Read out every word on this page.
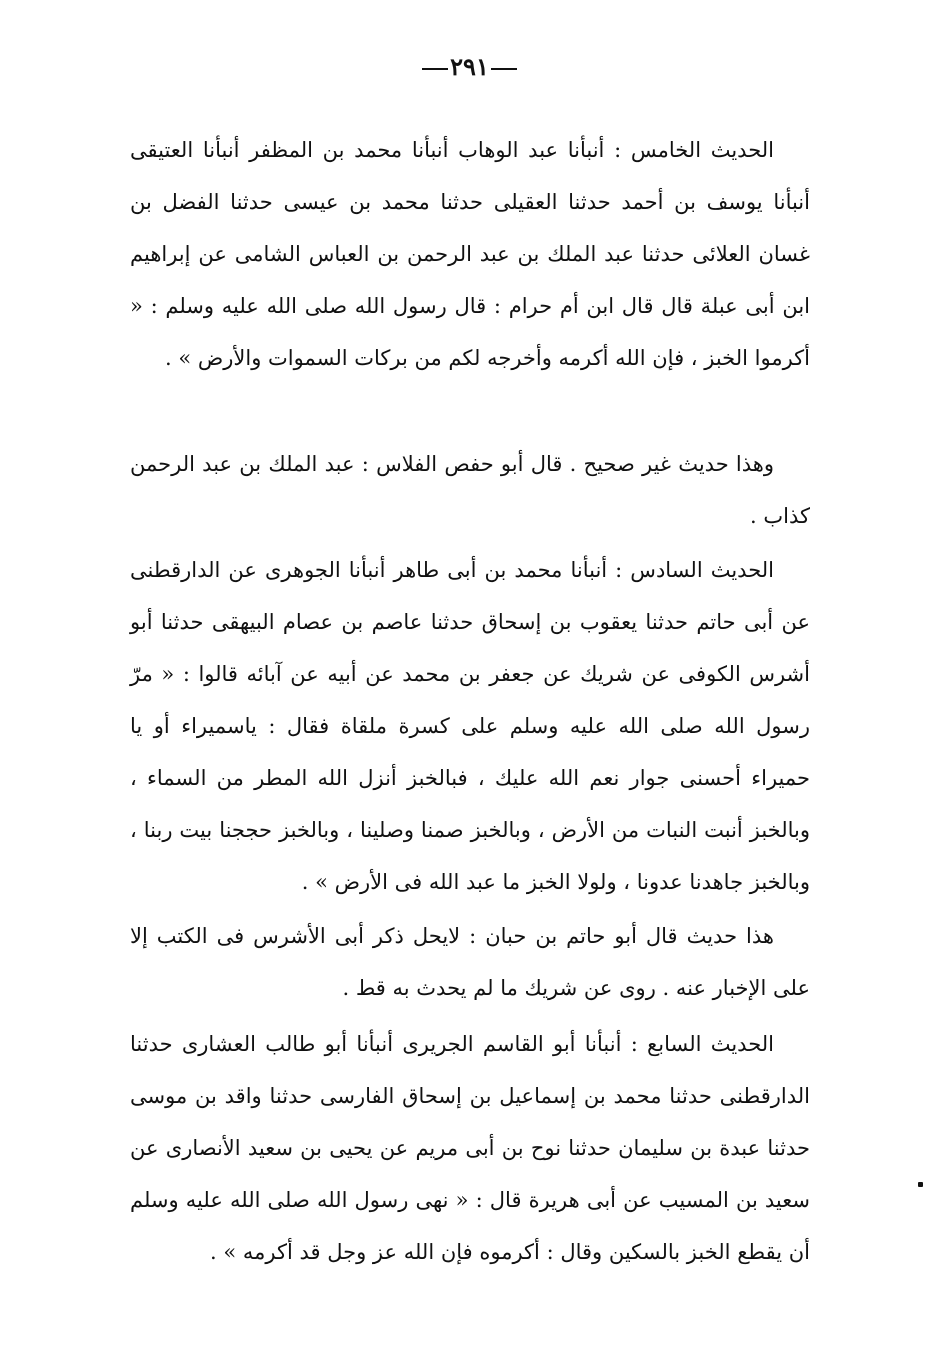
٢٩١

الحديث الخامس : أنبأنا عبد الوهاب أنبأنا محمد بن المظفر أنبأنا العتيقى أنبأنا يوسف بن أحمد حدثنا العقيلى حدثنا محمد بن عيسى حدثنا الفضل بن غسان العلائى حدثنا عبد الملك بن عبد الرحمن بن العباس الشامى عن إبراهيم ابن أبى عبلة قال قال ابن أم حرام : قال رسول الله صلى الله عليه وسلم : « أكرموا الخبز ، فإن الله أكرمه وأخرجه لكم من بركات السموات والأرض » .

وهذا حديث غير صحيح . قال أبو حفص الفلاس : عبد الملك بن عبد الرحمن كذاب .

الحديث السادس : أنبأنا محمد بن أبى طاهر أنبأنا الجوهرى عن الدارقطنى عن أبى حاتم حدثنا يعقوب بن إسحاق حدثنا عاصم بن عصام البيهقى حدثنا أبو أشرس الكوفى عن شريك عن جعفر بن محمد عن أبيه عن آبائه قالوا : « مرّ رسول الله صلى الله عليه وسلم على كسرة ملقاة فقال : ياسميراء أو يا حميراء أحسنى جوار نعم الله عليك ، فبالخبز أنزل الله المطر من السماء ، وبالخبز أنبت النبات من الأرض ، وبالخبز صمنا وصلينا ، وبالخبز حججنا بيت ربنا ، وبالخبز جاهدنا عدونا ، ولولا الخبز ما عبد الله فى الأرض » .

هذا حديث قال أبو حاتم بن حبان : لايحل ذكر أبى الأشرس فى الكتب إلا على الإخبار عنه . روى عن شريك ما لم يحدث به قط .

الحديث السابع : أنبأنا أبو القاسم الجريرى أنبأنا أبو طالب العشارى حدثنا الدارقطنى حدثنا محمد بن إسماعيل بن إسحاق الفارسى حدثنا واقد بن موسى حدثنا عبدة بن سليمان حدثنا نوح بن أبى مريم عن يحيى بن سعيد الأنصارى عن سعيد بن المسيب عن أبى هريرة قال : « نهى رسول الله صلى الله عليه وسلم أن يقطع الخبز بالسكين وقال : أكرموه فإن الله عز وجل قد أكرمه » .
